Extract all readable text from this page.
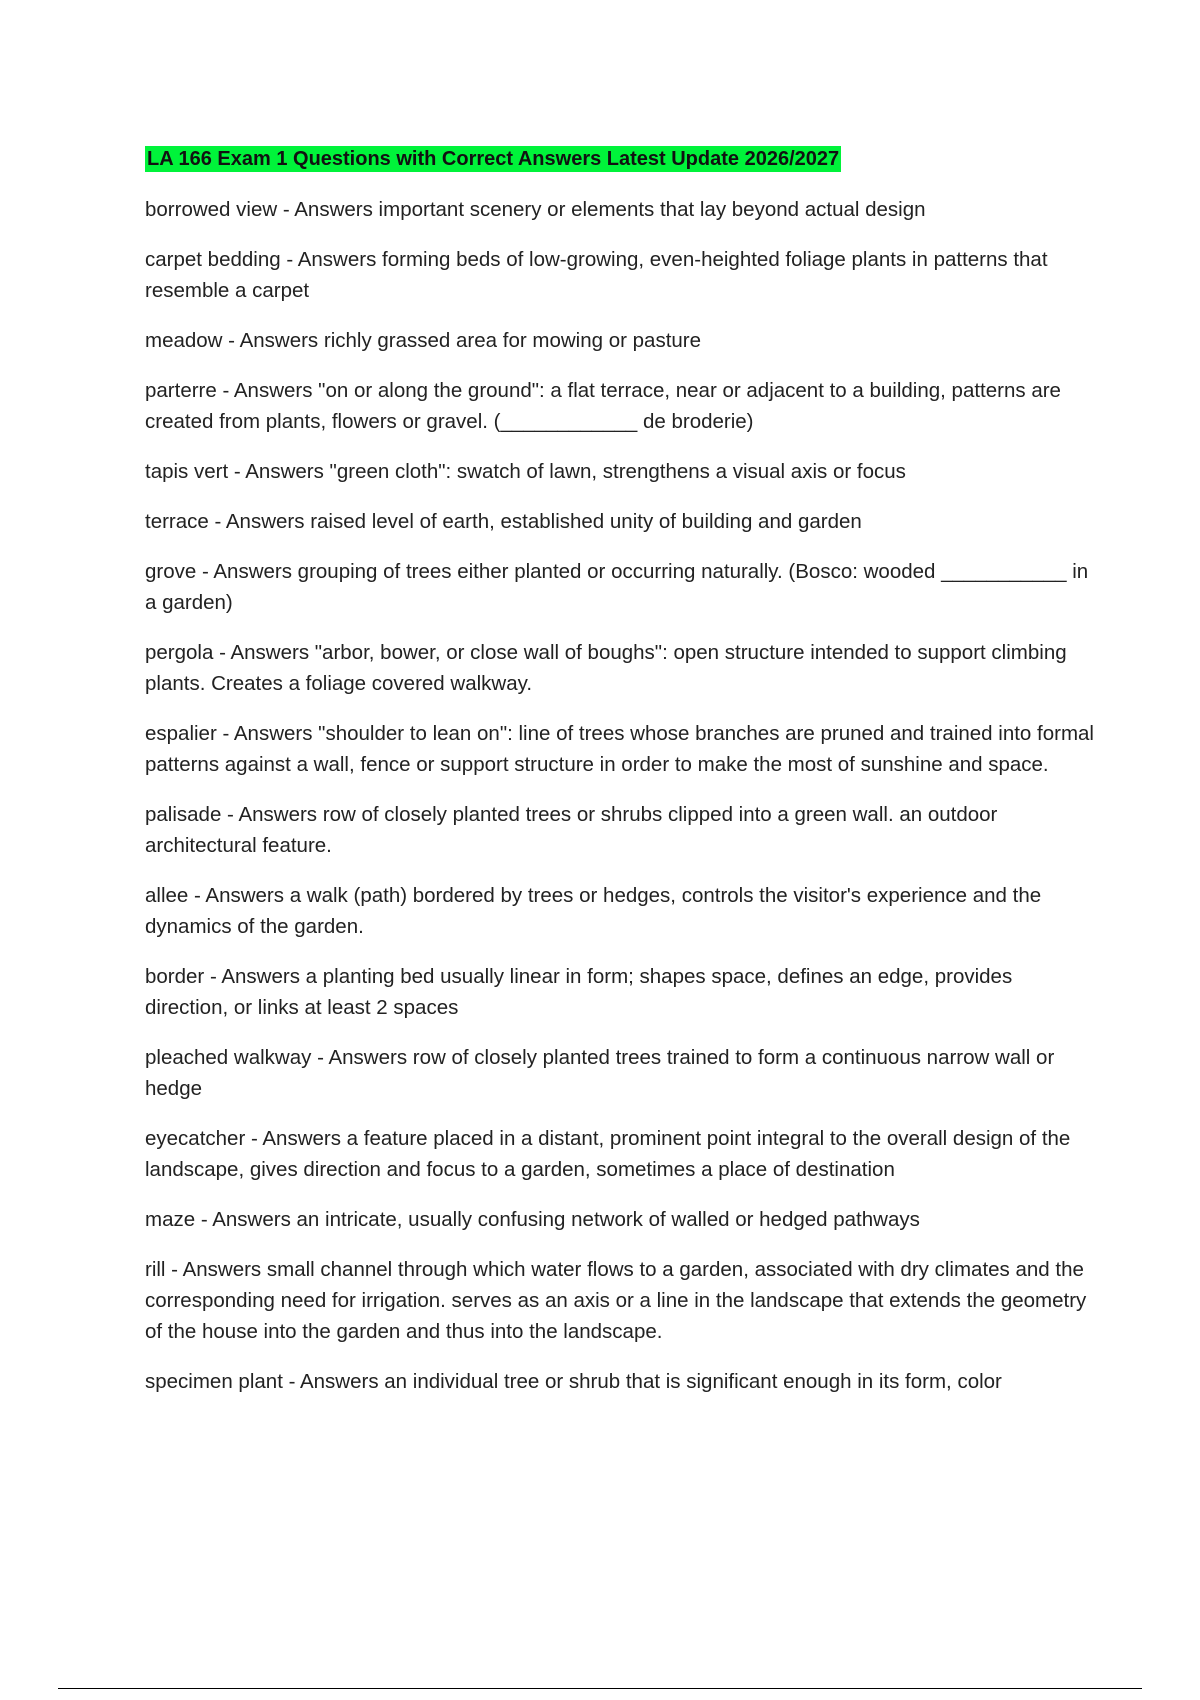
LA 166 Exam 1 Questions with Correct Answers Latest Update 2026/2027

borrowed view - Answers important scenery or elements that lay beyond actual design

carpet bedding - Answers forming beds of low-growing, even-heighted foliage plants in patterns that resemble a carpet

meadow - Answers richly grassed area for mowing or pasture

parterre - Answers "on or along the ground": a flat terrace, near or adjacent to a building, patterns are created from plants, flowers or gravel. (____________ de broderie)

tapis vert - Answers "green cloth": swatch of lawn, strengthens a visual axis or focus

terrace - Answers raised level of earth, established unity of building and garden

grove - Answers grouping of trees either planted or occurring naturally. (Bosco: wooded ___________ in a garden)

pergola - Answers "arbor, bower, or close wall of boughs": open structure intended to support climbing plants. Creates a foliage covered walkway.

espalier - Answers "shoulder to lean on": line of trees whose branches are pruned and trained into formal patterns against a wall, fence or support structure in order to make the most of sunshine and space.

palisade - Answers row of closely planted trees or shrubs clipped into a green wall. an outdoor architectural feature.

allee - Answers a walk (path) bordered by trees or hedges, controls the visitor's experience and the dynamics of the garden.

border - Answers a planting bed usually linear in form; shapes space, defines an edge, provides direction, or links at least 2 spaces

pleached walkway - Answers row of closely planted trees trained to form a continuous narrow wall or hedge

eyecatcher - Answers a feature placed in a distant, prominent point integral to the overall design of the landscape, gives direction and focus to a garden, sometimes a place of destination

maze - Answers an intricate, usually confusing network of walled or hedged pathways

rill - Answers small channel through which water flows to a garden, associated with dry climates and the corresponding need for irrigation. serves as an axis or a line in the landscape that extends the geometry of the house into the garden and thus into the landscape.

specimen plant - Answers an individual tree or shrub that is significant enough in its form, color
